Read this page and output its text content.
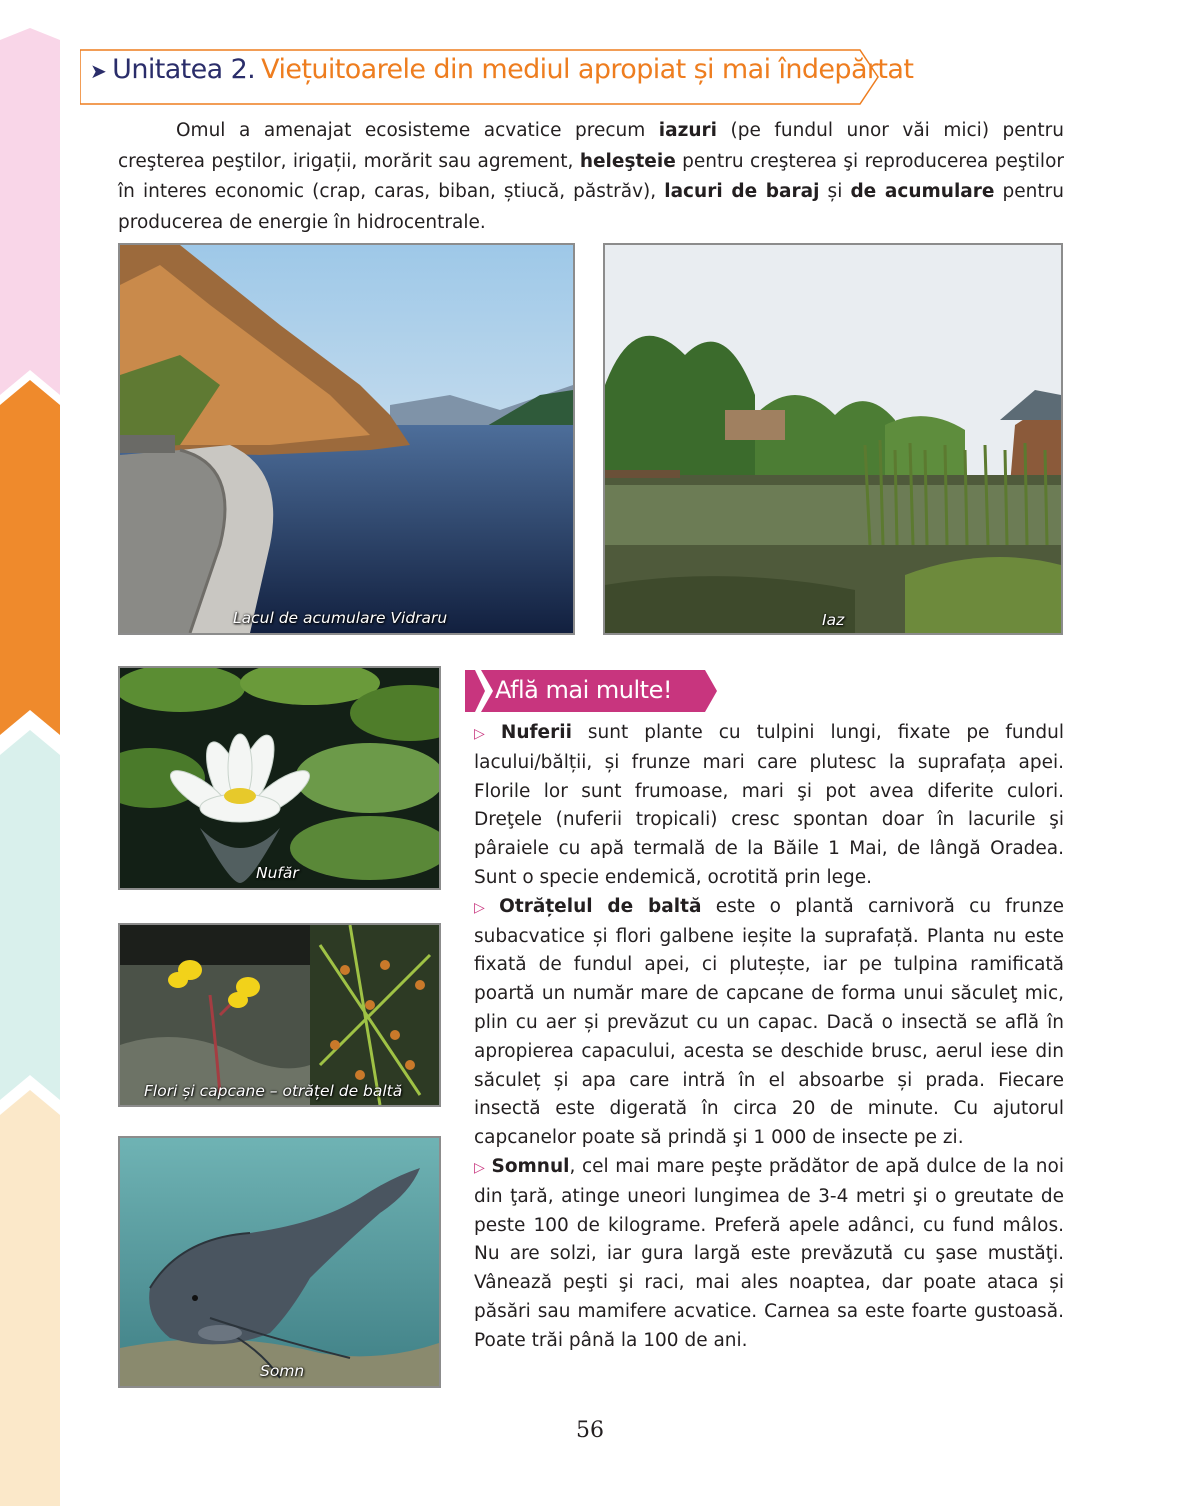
➤ Unitatea 2. Viețuitoarele din mediul apropiat și mai îndepărtat
Omul a amenajat ecosisteme acvatice precum iazuri (pe fundul unor văi mici) pentru creşterea peştilor, irigații, morărit sau agrement, heleşteie pentru creşterea şi reproducerea peştilor în interes economic (crap, caras, biban, știucă, păstrăv), lacuri de baraj și de acumulare pentru producerea de energie în hidrocentrale.
Lacul de acumulare Vidraru	Iaz
Nufăr
Flori și capcane – otrățel de baltă
Somn
Află mai multe!

▷ Nuferii sunt plante cu tulpini lungi, fixate pe fundul lacului/bălții, și frunze mari care plutesc la suprafața apei. Florile lor sunt frumoase, mari şi pot avea diferite culori. Dreţele (nuferii tropicali) cresc spontan doar în lacurile şi pâraiele cu apă termală de la Băile 1 Mai, de lângă Oradea. Sunt o specie endemică, ocrotită prin lege.

▷ Otrățelul de baltă este o plantă carnivoră cu frunze subacvatice și flori galbene ieșite la suprafață. Planta nu este fixată de fundul apei, ci plutește, iar pe tulpina ramificată poartă un număr mare de capcane de forma unui săculeţ mic, plin cu aer și prevăzut cu un capac. Dacă o insectă se află în apropierea capacului, acesta se deschide brusc, aerul iese din săculeț și apa care intră în el absoarbe și prada. Fiecare insectă este digerată în circa 20 de minute. Cu ajutorul capcanelor poate să prindă şi 1 000 de insecte pe zi.

▷ Somnul, cel mai mare peşte prădător de apă dulce de la noi din ţară, atinge uneori lungimea de 3-4 metri şi o greutate de peste 100 de kilograme. Preferă apele adânci, cu fund mâlos. Nu are solzi, iar gura largă este prevăzută cu şase mustăţi. Vânează peşti şi raci, mai ales noaptea, dar poate ataca și păsări sau mamifere acvatice. Carnea sa este foarte gustoasă. Poate trăi până la 100 de ani.

56
